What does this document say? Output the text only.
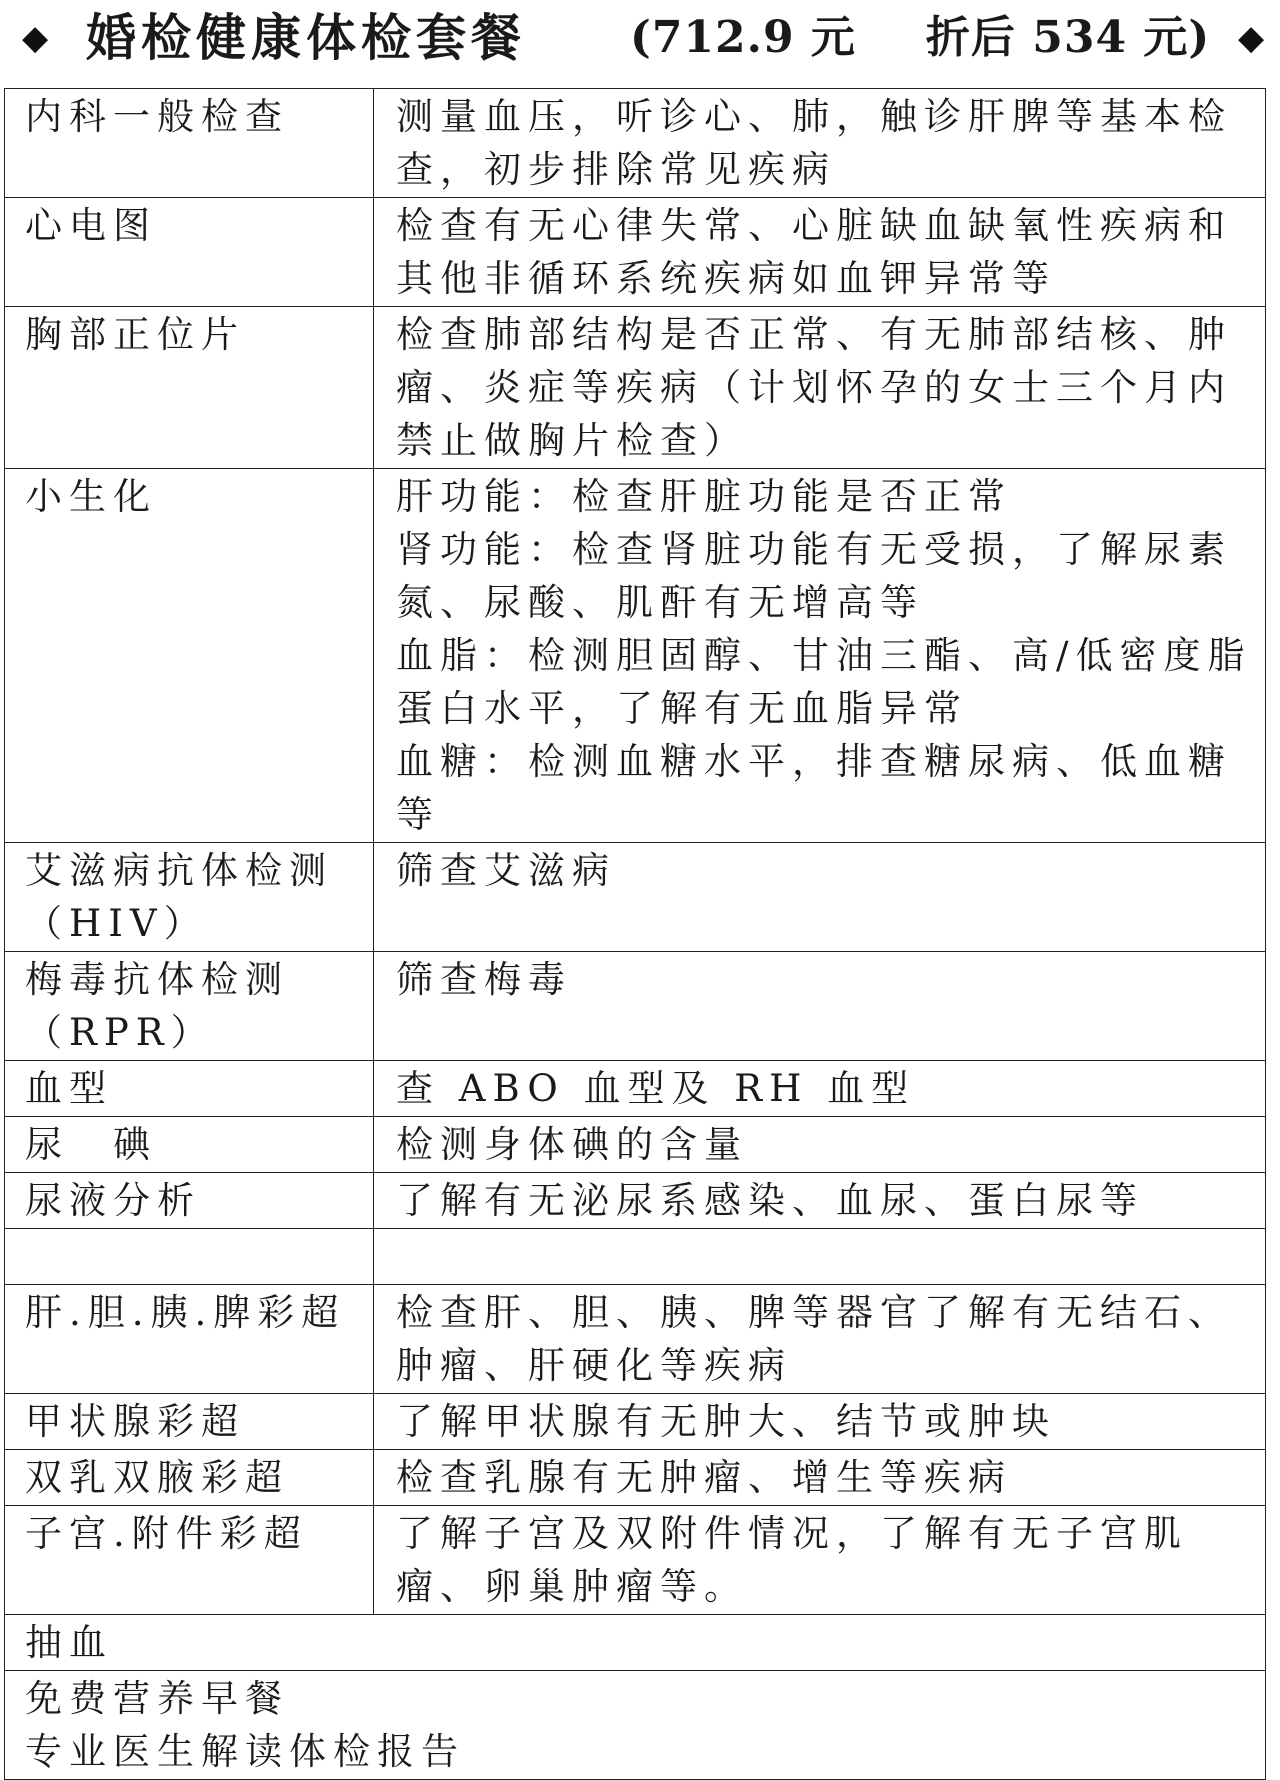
◆ 婚检健康体检套餐 (712.9 元 折后 534 元) ◆
内科一般检查	测量血压，听诊心、肺，触诊肝脾等基本检查，初步排除常见疾病
心电图	检查有无心律失常、心脏缺血缺氧性疾病和其他非循环系统疾病如血钾异常等
胸部正位片	检查肺部结构是否正常、有无肺部结核、肿瘤、炎症等疾病（计划怀孕的女士三个月内禁止做胸片检查）
小生化	肝功能：检查肝脏功能是否正常
肾功能：检查肾脏功能有无受损，了解尿素氮、尿酸、肌酐有无增高等
血脂：检测胆固醇、甘油三酯、高/低密度脂蛋白水平，了解有无血脂异常
血糖：检测血糖水平，排查糖尿病、低血糖等
艾滋病抗体检测（HIV）	筛查艾滋病
梅毒抗体检测（RPR）	筛查梅毒
血型	查 ABO 血型及 RH 血型
尿　碘	检测身体碘的含量
尿液分析	了解有无泌尿系感染、血尿、蛋白尿等

肝.胆.胰.脾彩超	检查肝、胆、胰、脾等器官了解有无结石、肿瘤、肝硬化等疾病
甲状腺彩超	了解甲状腺有无肿大、结节或肿块
双乳双腋彩超	检查乳腺有无肿瘤、增生等疾病
子宫.附件彩超	了解子宫及双附件情况，了解有无子宫肌瘤、卵巢肿瘤等。
抽血	
免费营养早餐
专业医生解读体检报告	
